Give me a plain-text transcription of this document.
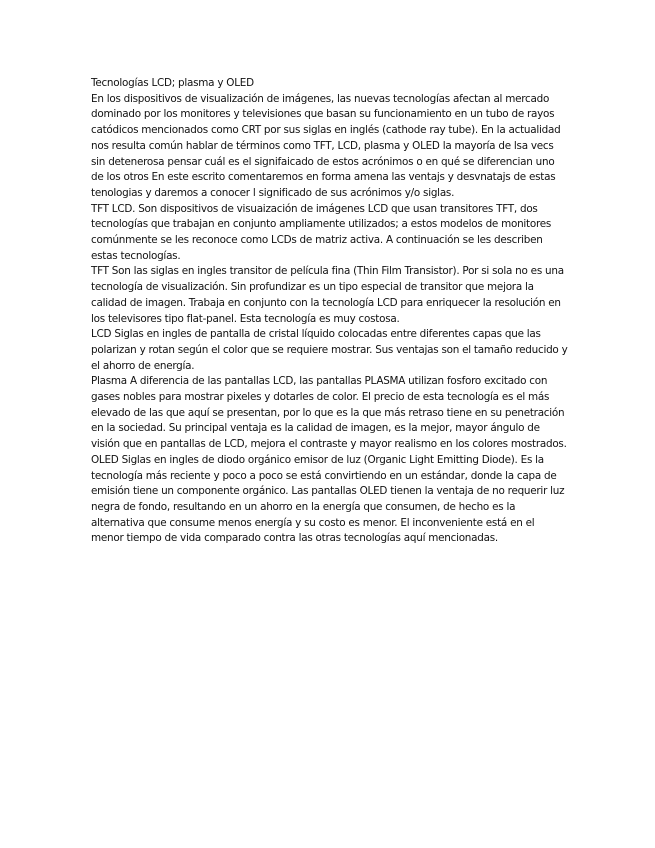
Tecnologías LCD; plasma y OLED

En los dispositivos de visualización de imágenes, las nuevas tecnologías afectan al mercado dominado por los monitores y televisiones que basan su funcionamiento en un tubo de rayos catódicos mencionados como CRT por sus siglas en inglés (cathode ray tube). En la actualidad nos resulta común hablar de términos como TFT, LCD, plasma y OLED la mayoría de lsa vecs sin detenerosa pensar cuál es el signifaicado de estos acrónimos o en qué se diferencian uno de los otros En este escrito comentaremos en forma amena las ventajs y desvnatajs de estas tenologias y daremos a conocer l significado de sus acrónimos y/o siglas.

TFT LCD. Son dispositivos de visuaización de imágenes LCD que usan transitores TFT, dos tecnologías que trabajan en conjunto ampliamente utilizados; a estos modelos de monitores comúnmente se les reconoce como LCDs de matriz activa. A continuación se les describen estas tecnologías.

TFT Son las siglas en ingles transitor de película fina (Thin Film Transistor). Por si sola no es una tecnología de visualización. Sin profundizar es un tipo especial de transitor que mejora la calidad de imagen. Trabaja en conjunto con la tecnología LCD para enriquecer la resolución en los televisores tipo flat-panel. Esta tecnología es muy costosa.

LCD Siglas en ingles de pantalla de cristal líquido colocadas entre diferentes capas que las polarizan y rotan según el color que se requiere mostrar. Sus ventajas son el tamaño reducido y el ahorro de energía.

Plasma A diferencia de las pantallas LCD, las pantallas PLASMA utilizan fosforo excitado con gases nobles para mostrar pixeles y dotarles de color. El precio de esta tecnología es el más elevado de las que aquí se presentan, por lo que es la que más retraso tiene en su penetración en la sociedad. Su principal ventaja es la calidad de imagen, es la mejor, mayor ángulo de visión que en pantallas de LCD, mejora el contraste y mayor realismo en los colores mostrados.

OLED Siglas en ingles de diodo orgánico emisor de luz (Organic Light Emitting Diode). Es la tecnología más reciente y poco a poco se está convirtiendo en un estándar, donde la capa de emisión tiene un componente orgánico. Las pantallas OLED tienen la ventaja de no requerir luz negra de fondo, resultando en un ahorro en la energía que consumen, de hecho es la alternativa que consume menos energía y su costo es menor. El inconveniente está en el menor tiempo de vida comparado contra las otras tecnologías aquí mencionadas.
